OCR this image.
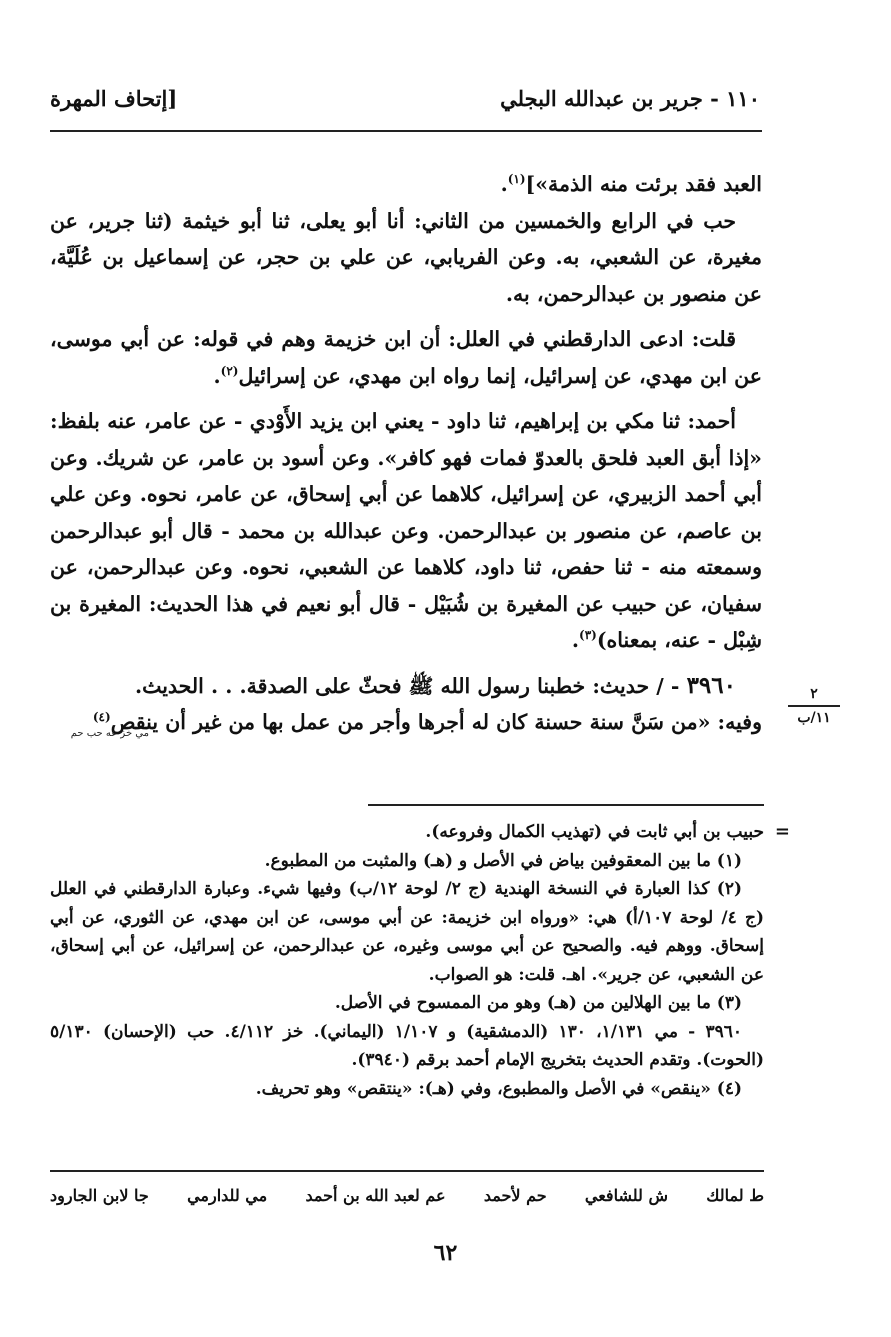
١١٠ - جرير بن عبدالله البجلي
[إتحاف المهرة

العبد فقد برئت منه الذمة»]$^{(١)}$.

حب في الرابع والخمسين من الثاني: أنا أبو يعلى، ثنا أبو خيثمة (ثنا جرير، عن مغيرة، عن الشعبي، به. وعن الفريابي، عن علي بن حجر، عن إسماعيل بن عُلَيَّة، عن منصور بن عبدالرحمن، به.

قلت: ادعى الدارقطني في العلل: أن ابن خزيمة وهم في قوله: عن أبي موسى، عن ابن مهدي، عن إسرائيل، إنما رواه ابن مهدي، عن إسرائيل$^{(٢)}$.

أحمد: ثنا مكي بن إبراهيم، ثنا داود - يعني ابن يزيد الأَوْدي - عن عامر، عنه بلفظ: «إذا أبق العبد فلحق بالعدوّ فمات فهو كافر». وعن أسود بن عامر، عن شريك. وعن أبي أحمد الزبيري، عن إسرائيل، كلاهما عن أبي إسحاق، عن عامر، نحوه. وعن علي بن عاصم، عن منصور بن عبدالرحمن. وعن عبدالله بن محمد - قال أبو عبدالرحمن وسمعته منه - ثنا حفص، ثنا داود، كلاهما عن الشعبي، نحوه. وعن عبدالرحمن، عن سفيان، عن حبيب عن المغيرة بن شُبَيْل - قال أبو نعيم في هذا الحديث: المغيرة بن شِبْل - عنه، بمعناه)$^{(٣)}$.

٣٩٦٠ - / حديث: خطبنا رسول الله ﷺ فحثّ على الصدقة. . . الحديث.

وفيه: «من سَنَّ سنة حسنة كان له أجرها وأجر من عمل بها من غير أن ينقص$^{(٤)}$

مي خز عه حب حم
٢
١١/ب
=

حبيب بن أبي ثابت في (تهذيب الكمال وفروعه).

(١) ما بين المعقوفين بياض في الأصل و (هـ) والمثبت من المطبوع.

(٢) كذا العبارة في النسخة الهندية (ج ٢/ لوحة ١٢/ب) وفيها شيء. وعبارة الدارقطني في العلل (ج ٤/ لوحة ١٠٧/أ) هي: «ورواه ابن خزيمة: عن أبي موسى، عن ابن مهدي، عن الثوري، عن أبي إسحاق. ووهم فيه. والصحيح عن أبي موسى وغيره، عن عبدالرحمن، عن إسرائيل، عن أبي إسحاق، عن الشعبي، عن جرير». اهـ. قلت: هو الصواب.

(٣) ما بين الهلالين من (هـ) وهو من الممسوح في الأصل.

٣٩٦٠ - مي ١/١٣١، ١٣٠ (الدمشقية) و ١/١٠٧ (اليماني). خز ٤/١١٢. حب (الإحسان) ٥/١٣٠ (الحوت). وتقدم الحديث بتخريج الإمام أحمد برقم (٣٩٤٠).

(٤) «ينقص» في الأصل والمطبوع، وفي (هـ): «ينتقص» وهو تحريف.

ط لمالك
ش للشافعي
حم لأحمد
عم لعبد الله بن أحمد
مي للدارمي
جا لابن الجارود
٦٢
